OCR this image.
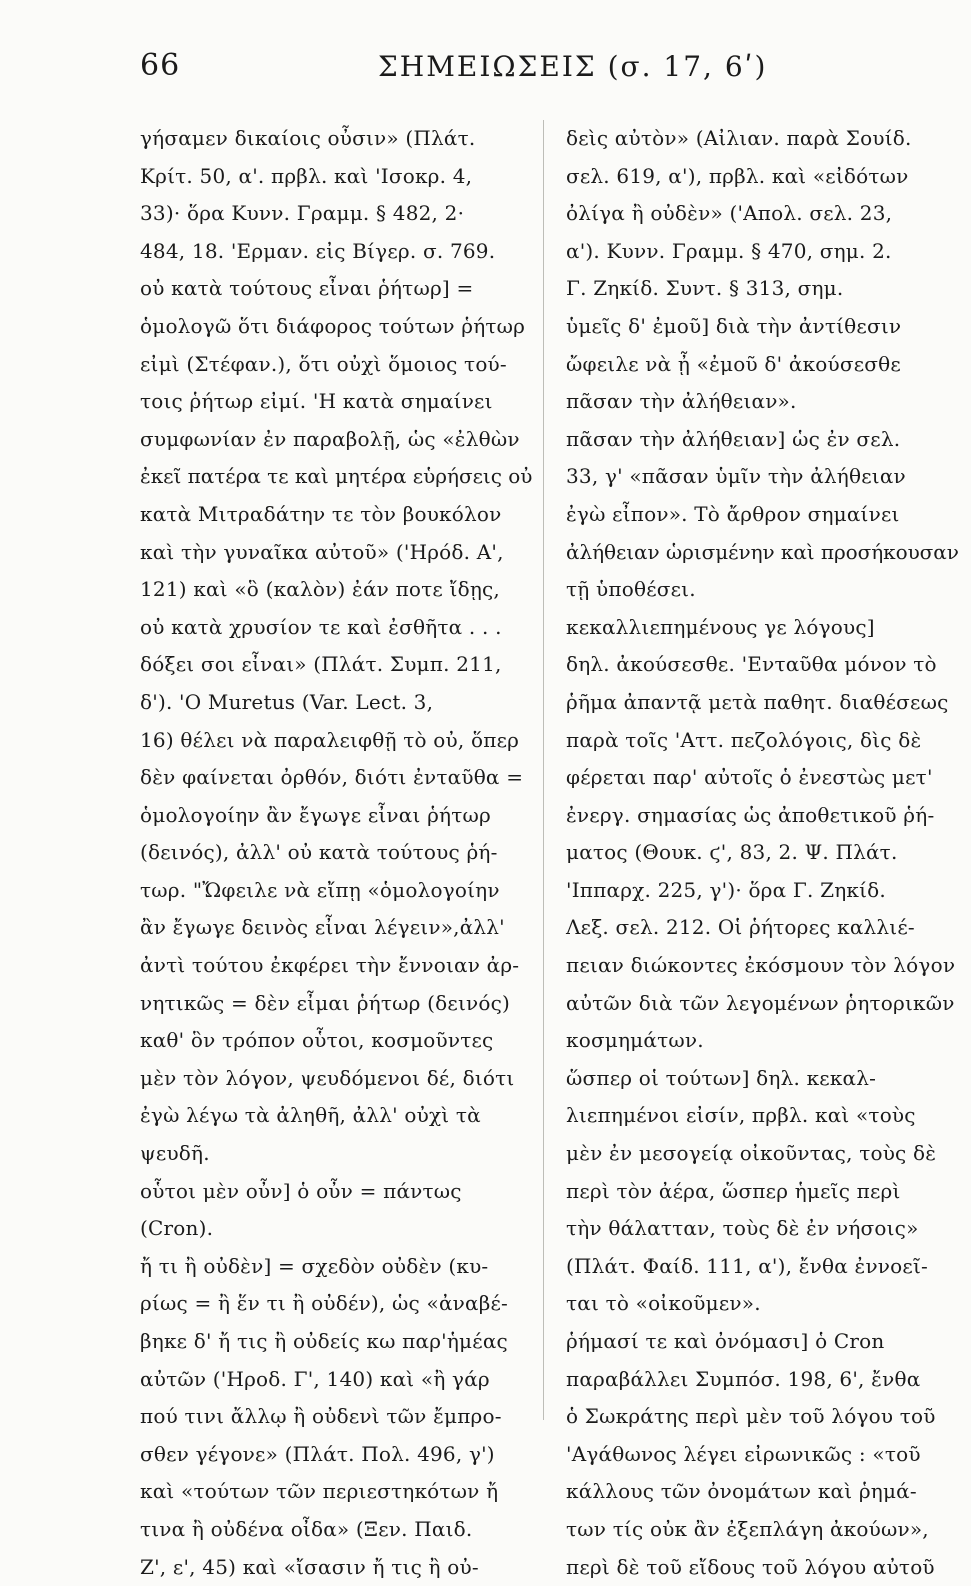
66	ΣΗΜΕΙΩΣΕΙΣ (σ. 17, 6ʹ)
γήσαμεν δικαίοις οὖσιν» (Πλάτ.
Κρίτ. 50, α'. πρβλ. καὶ 'Ισοκρ. 4,
33)· ὅρα Κυνν. Γραμμ. § 482, 2·
484, 18. 'Ερμαν. εἰς Βίγερ. σ. 769.
οὐ κατὰ τούτους εἶναι ῥήτωρ] =
ὁμολογῶ ὅτι διάφορος τούτων ῥήτωρ
εἰμὶ (Στέφαν.), ὅτι οὐχὶ ὅμοιος τού-
τοις ῥήτωρ εἰμί. 'Η κατὰ σημαίνει
συμφωνίαν ἐν παραβολῇ, ὡς «ἐλθὼν
ἐκεῖ πατέρα τε καὶ μητέρα εὑρήσεις οὐ
κατὰ Μιτραδάτην τε τὸν βουκόλον
καὶ τὴν γυναῖκα αὐτοῦ» ('Ηρόδ. Α',
121) καὶ «ὃ (καλὸν) ἐάν ποτε ἴδῃς,
οὐ κατὰ χρυσίον τε καὶ ἐσθῆτα . . .
δόξει σοι εἶναι» (Πλάτ. Συμπ. 211,
δ'). 'Ο Muretus (Var. Lect. 3,
16) θέλει νὰ παραλειφθῇ τὸ οὐ, ὅπερ
δὲν φαίνεται ὀρθόν, διότι ἐνταῦθα =
ὁμολογοίην ἂν ἔγωγε εἶναι ῥήτωρ
(δεινός), ἀλλ' οὐ κατὰ τούτους ῥή-
τωρ. "Ὤφειλε νὰ εἴπῃ «ὁμολογοίην
ἂν ἔγωγε δεινὸς εἶναι λέγειν»,ἀλλ'
ἀντὶ τούτου ἐκφέρει τὴν ἔννοιαν ἀρ-
νητικῶς = δὲν εἶμαι ῥήτωρ (δεινός)
καθ' ὃν τρόπον οὗτοι, κοσμοῦντες
μὲν τὸν λόγον, ψευδόμενοι δέ, διότι
ἐγὼ λέγω τὰ ἀληθῆ, ἀλλ' οὐχὶ τὰ
ψευδῆ.
οὗτοι μὲν οὖν] ὁ οὖν = πάντως
(Cron).
ἤ τι ἢ οὐδὲν] = σχεδὸν οὐδὲν (κυ-
ρίως = ἢ ἕν τι ἢ οὐδέν), ὡς «ἀναβέ-
βηκε δ' ἤ τις ἢ οὐδείς κω παρ'ἡμέας
αὐτῶν ('Ηροδ. Γ', 140) καὶ «ἢ γάρ
πού τινι ἄλλῳ ἢ οὐδενὶ τῶν ἔμπρο-
σθεν γέγονε» (Πλάτ. Πολ. 496, γ')
καὶ «τούτων τῶν περιεστηκότων ἤ
τινα ἢ οὐδένα οἶδα» (Ξεν. Παιδ.
Ζ', ε', 45) καὶ «ἴσασιν ἤ τις ἢ οὐ-
δεὶς αὐτὸν» (Αἰλιαν. παρὰ Σουίδ.
σελ. 619, α'), πρβλ. καὶ «εἰδότων
ὀλίγα ἢ οὐδὲν» ('Απολ. σελ. 23,
α'). Κυνν. Γραμμ. § 470, σημ. 2.
Γ. Ζηκίδ. Συντ. § 313, σημ.
ὑμεῖς δ' ἐμοῦ] διὰ τὴν ἀντίθεσιν
ὤφειλε νὰ ᾖ «ἐμοῦ δ' ἀκούσεσθε
πᾶσαν τὴν ἀλήθειαν».
πᾶσαν τὴν ἀλήθειαν] ὡς ἐν σελ.
33, γ' «πᾶσαν ὑμῖν τὴν ἀλήθειαν
ἐγὼ εἶπον». Τὸ ἄρθρον σημαίνει
ἀλήθειαν ὡρισμένην καὶ προσήκουσαν
τῇ ὑποθέσει.
κεκαλλιεπημένους γε λόγους]
δηλ. ἀκούσεσθε. 'Ενταῦθα μόνον τὸ
ῥῆμα ἀπαντᾷ μετὰ παθητ. διαθέσεως
παρὰ τοῖς 'Αττ. πεζολόγοις, δὶς δὲ
φέρεται παρ' αὐτοῖς ὁ ἐνεστὼς μετ'
ἐνεργ. σημασίας ὡς ἀποθετικοῦ ῥή-
ματος (Θουκ. ϛ', 83, 2. Ψ. Πλάτ.
'Ιππαρχ. 225, γ')· ὅρα Γ. Ζηκίδ.
Λεξ. σελ. 212. Οἱ ῥήτορες καλλιέ-
πειαν διώκοντες ἐκόσμουν τὸν λόγον
αὐτῶν διὰ τῶν λεγομένων ῥητορικῶν
κοσμημάτων.
ὥσπερ οἱ τούτων] δηλ. κεκαλ-
λιεπημένοι εἰσίν, πρβλ. καὶ «τοὺς
μὲν ἐν μεσογείᾳ οἰκοῦντας, τοὺς δὲ
περὶ τὸν ἀέρα, ὥσπερ ἡμεῖς περὶ
τὴν θάλατταν, τοὺς δὲ ἐν νήσοις»
(Πλάτ. Φαίδ. 111, α'), ἔνθα ἐννοεῖ-
ται τὸ «οἰκοῦμεν».
ῥήμασί τε καὶ ὀνόμασι] ὁ Cron
παραβάλλει Συμπόσ. 198, 6', ἔνθα
ὁ Σωκράτης περὶ μὲν τοῦ λόγου τοῦ
'Αγάθωνος λέγει εἰρωνικῶς : «τοῦ
κάλλους τῶν ὀνομάτων καὶ ῥημά-
των τίς οὐκ ἂν ἐξεπλάγη ἀκούων»,
περὶ δὲ τοῦ εἴδους τοῦ λόγου αὐτοῦ
